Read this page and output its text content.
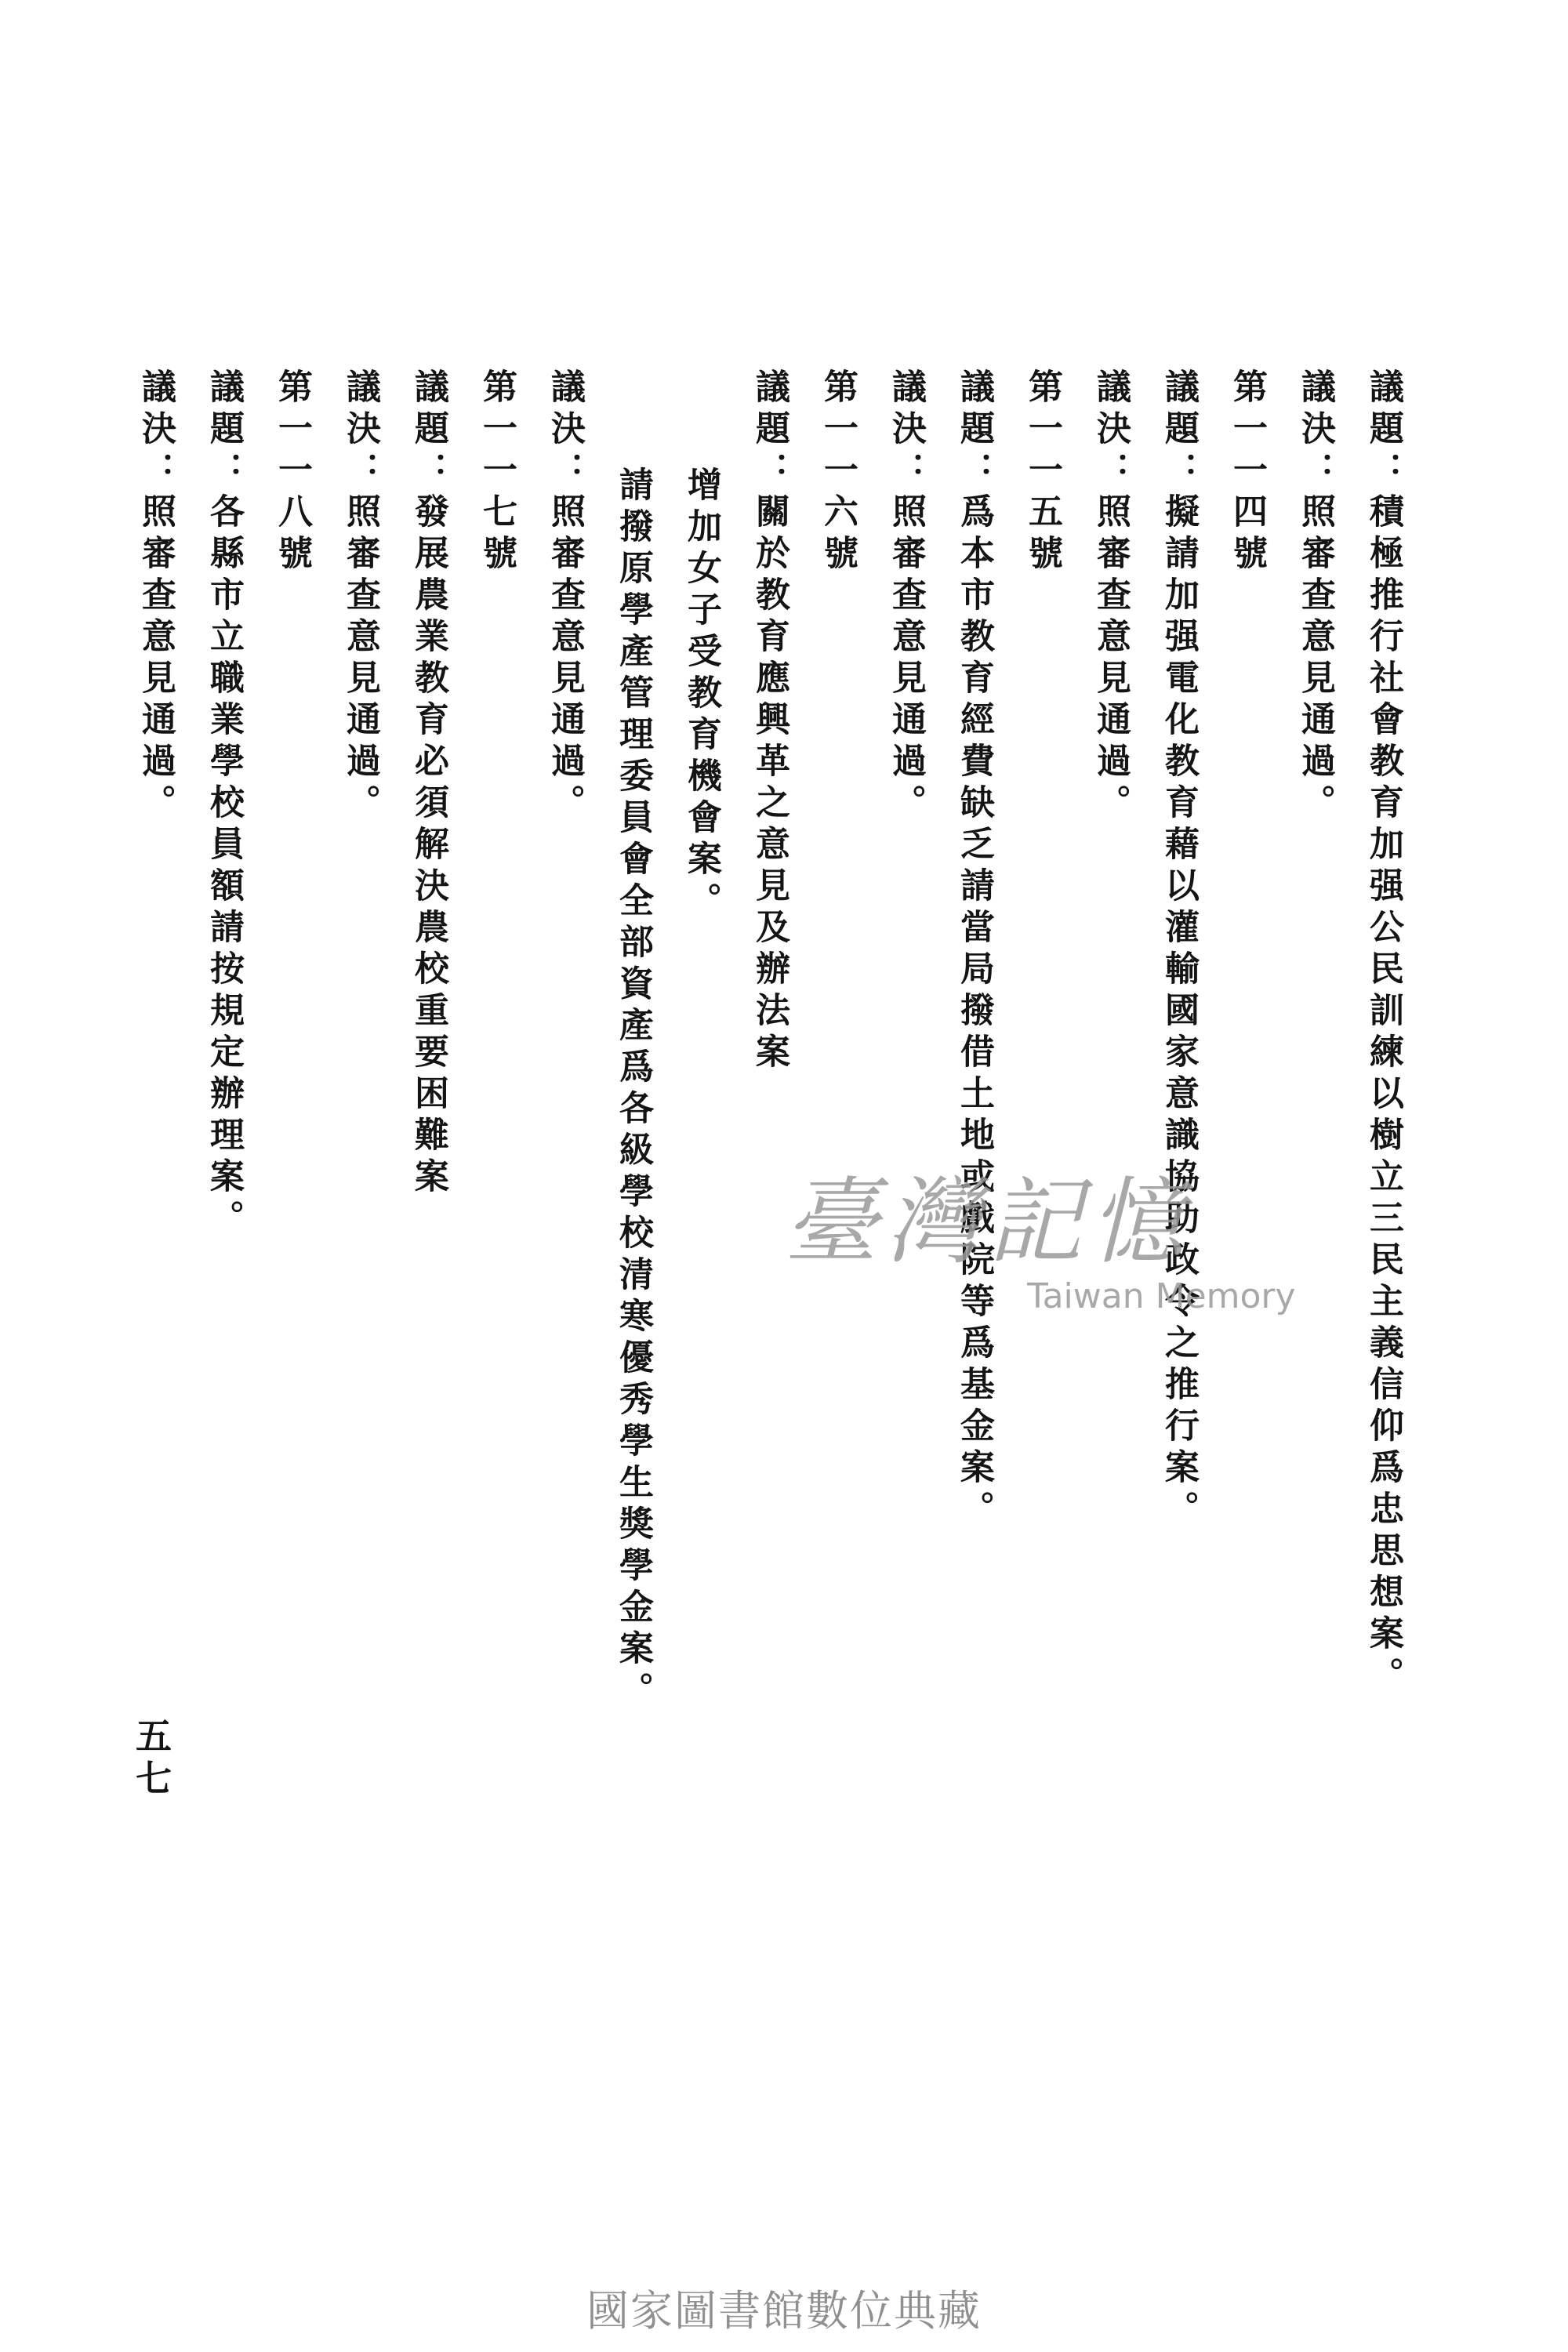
議題：積極推行社會教育加强公民訓練以樹立三民主義信仰爲忠思想案。
議決：照審查意見通過。
第一一四號
議題：擬請加强電化教育藉以灌輸國家意識協助政令之推行案。
議決：照審查意見通過。
第一一五號
議題：爲本市教育經費缺乏請當局撥借土地或戲院等爲基金案。
議決：照審查意見通過。
第一一六號
議題：關於教育應興革之意見及辦法案
增加女子受教育機會案。
請撥原學產管理委員會全部資產爲各級學校清寒優秀學生獎學金案。
議決：照審查意見通過。
第一一七號
議題：發展農業教育必須解決農校重要困難案
議決：照審查意見通過。
第一一八號
議題：各縣市立職業學校員額請按規定辦理案。
議決：照審查意見通過。
五七
臺灣記憶
Taiwan Memory
國家圖書館數位典藏
